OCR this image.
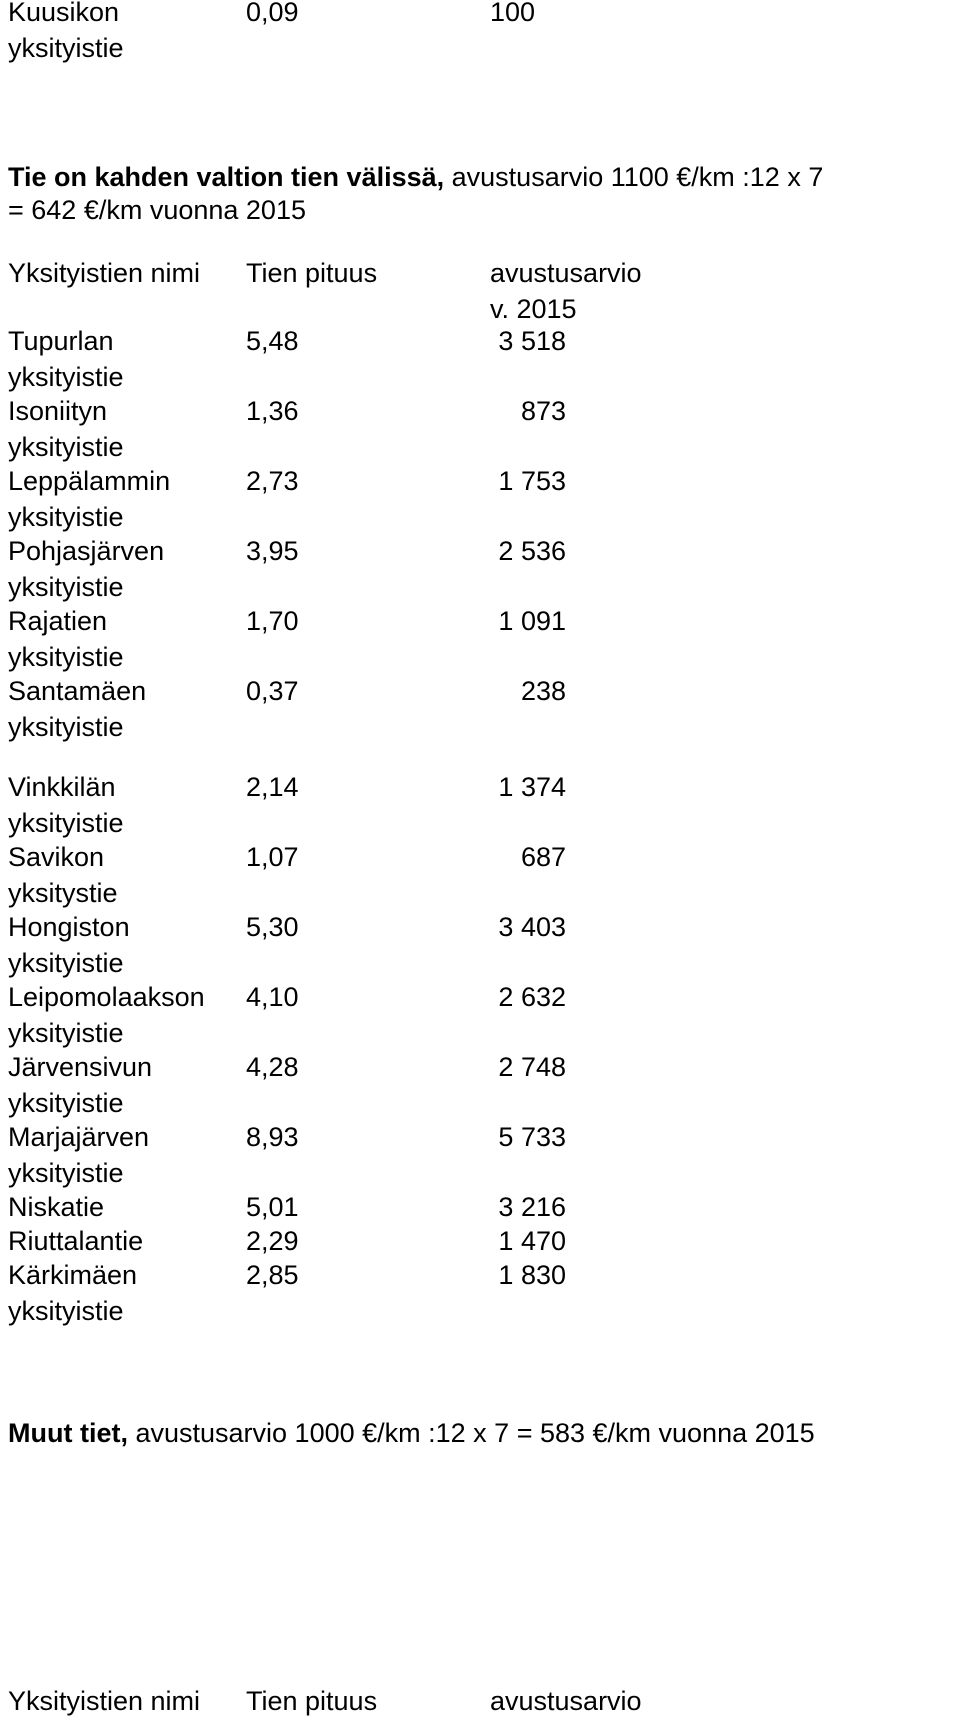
Kuusikon	0,09	100
yksityistie
Tie on kahden valtion tien välissä, avustusarvio 1100 €/km :12 x 7
= 642 €/km vuonna 2015
Yksityistien nimi	Tien pituus	avustusarvio
v. 2015
Tupurlan	5,48	3 518
yksityistie
Isoniityn	1,36	873
yksityistie
Leppälammin	2,73	1 753
yksityistie
Pohjasjärven	3,95	2 536
yksityistie
Rajatien	1,70	1 091
yksityistie
Santamäen	0,37	238
yksityistie
Vinkkilän	2,14	1 374
yksityistie
Savikon	1,07	687
yksitystie
Hongiston	5,30	3 403
yksityistie
Leipomolaakson	4,10	2 632
yksityistie
Järvensivun	4,28	2 748
yksityistie
Marjajärven	8,93	5 733
yksityistie
Niskatie	5,01	3 216
Riuttalantie	2,29	1 470
Kärkimäen	2,85	1 830
yksityistie
Muut tiet, avustusarvio 1000 €/km :12 x 7 = 583 €/km vuonna 2015
Yksityistien nimi	Tien pituus	avustusarvio
